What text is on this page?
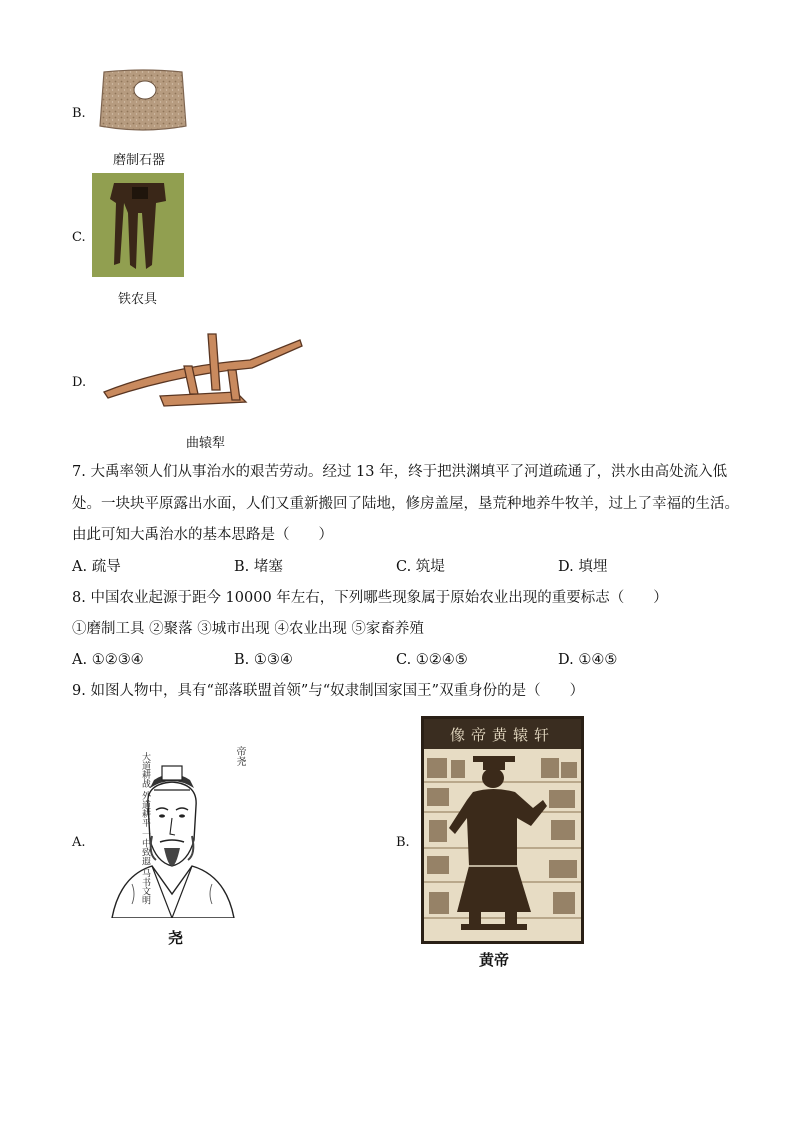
B.
磨制石器
C.
铁农具
D.
曲辕犁
7. 大禹率领人们从事治水的艰苦劳动。经过 13 年，终于把洪渊填平了河道疏通了，洪水由高处流入低
处。一块块平原露出水面，人们又重新搬回了陆地，修房盖屋，垦荒种地养牛牧羊，过上了幸福的生活。
由此可知大禹治水的基本思路是（　　）
A. 疏导	B. 堵塞	C. 筑堤	D. 填埋
8. 中国农业起源于距今 10000 年左右，下列哪些现象属于原始农业出现的重要标志（　　）
①磨制工具 ②聚落 ③城市出现 ④农业出现 ⑤家畜养殖
A. ①②③④	B. ①③④	C. ①②④⑤	D. ①④⑤
9. 如图人物中，具有“部落联盟首领”与“奴隶制国家国王”双重身份的是（　　）
A.	大道耕战 外道耕平 一中致遐 马书文明	帝尧
尧
B.
像帝黄辕轩
黄帝
